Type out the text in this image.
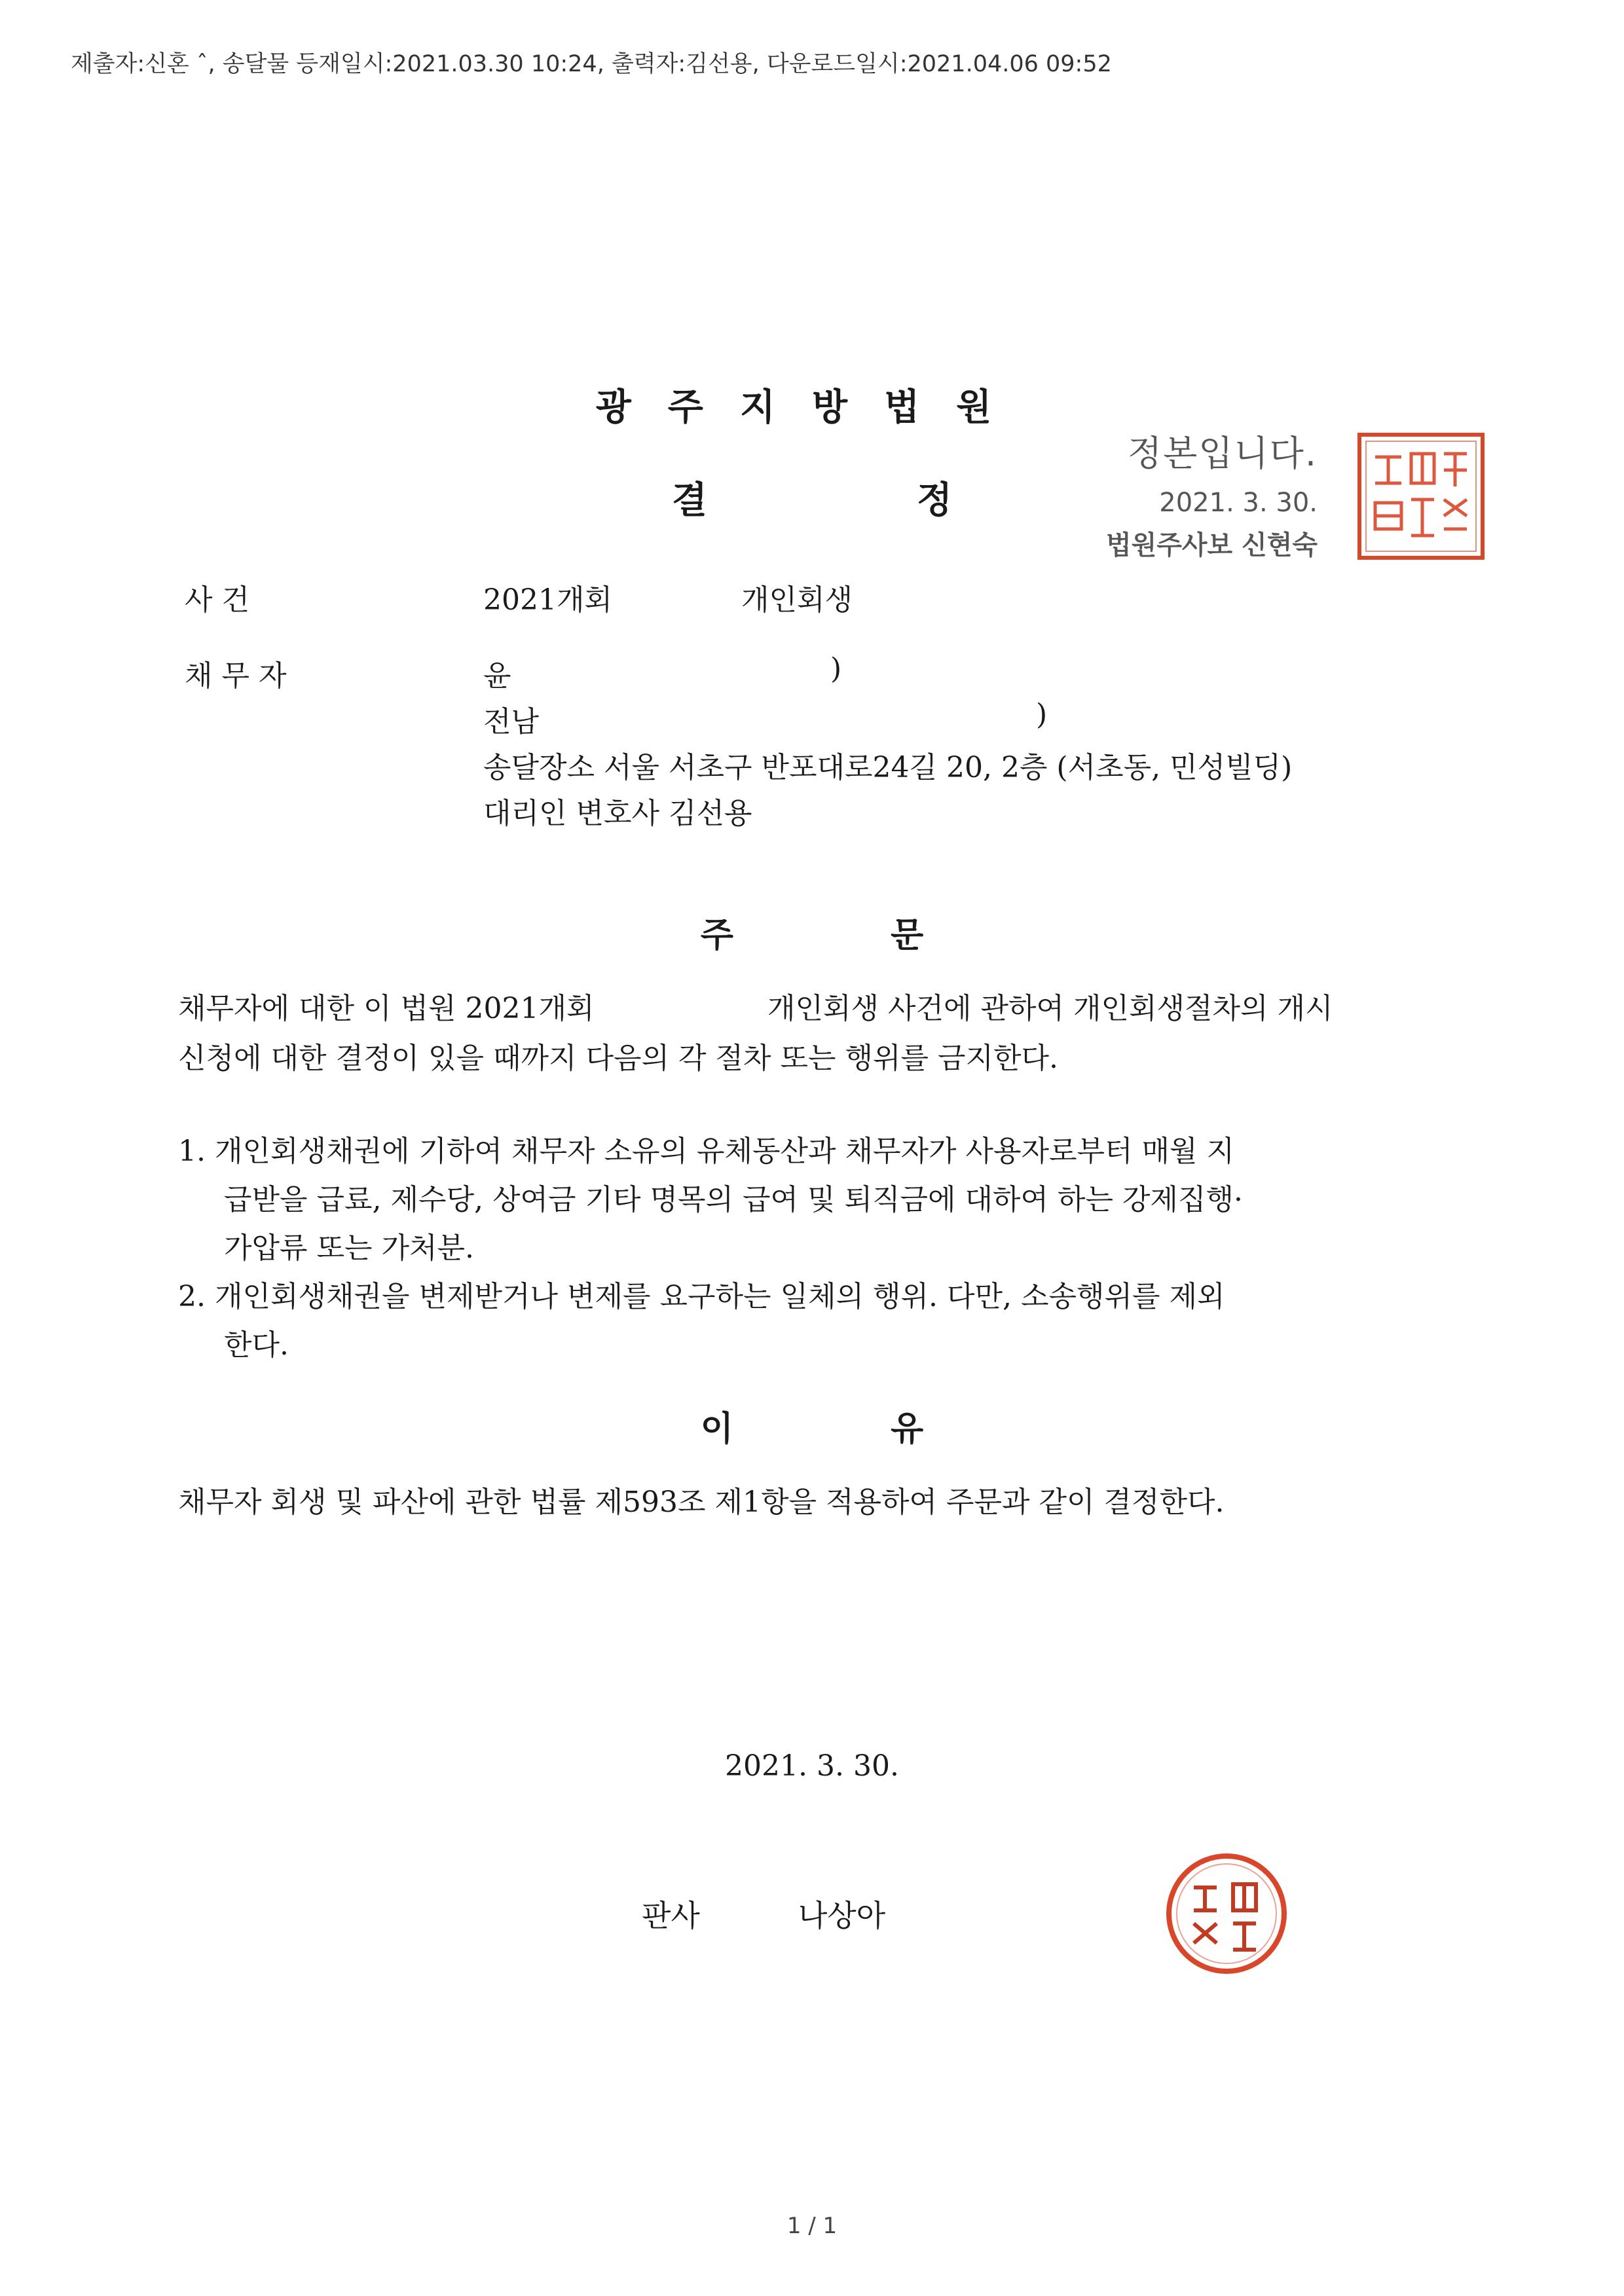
제출자:신혼 ˆ, 송달물 등재일시:2021.03.30 10:24, 출력자:김선용, 다운로드일시:2021.04.06 09:52
광주지방법원
결	정
정본입니다.
2021. 3. 30.
법원주사보 신현숙
사 건	2021개회	개인회생
채 무 자	윤	)
전남	)
송달장소 서울 서초구 반포대로24길 20, 2층 (서초동, 민성빌딩)
대리인 변호사 김선용
주	문
채무자에 대한 이 법원 2021개회	개인회생 사건에 관하여 개인회생절차의 개시
신청에 대한 결정이 있을 때까지 다음의 각 절차 또는 행위를 금지한다.
1. 개인회생채권에 기하여 채무자 소유의 유체동산과 채무자가 사용자로부터 매월 지
급받을 급료, 제수당, 상여금 기타 명목의 급여 및 퇴직금에 대하여 하는 강제집행·
가압류 또는 가처분.
2. 개인회생채권을 변제받거나 변제를 요구하는 일체의 행위. 다만, 소송행위를 제외
한다.
이	유
채무자 회생 및 파산에 관한 법률 제593조 제1항을 적용하여 주문과 같이 결정한다.
2021. 3. 30.
판사	나상아
1 / 1
